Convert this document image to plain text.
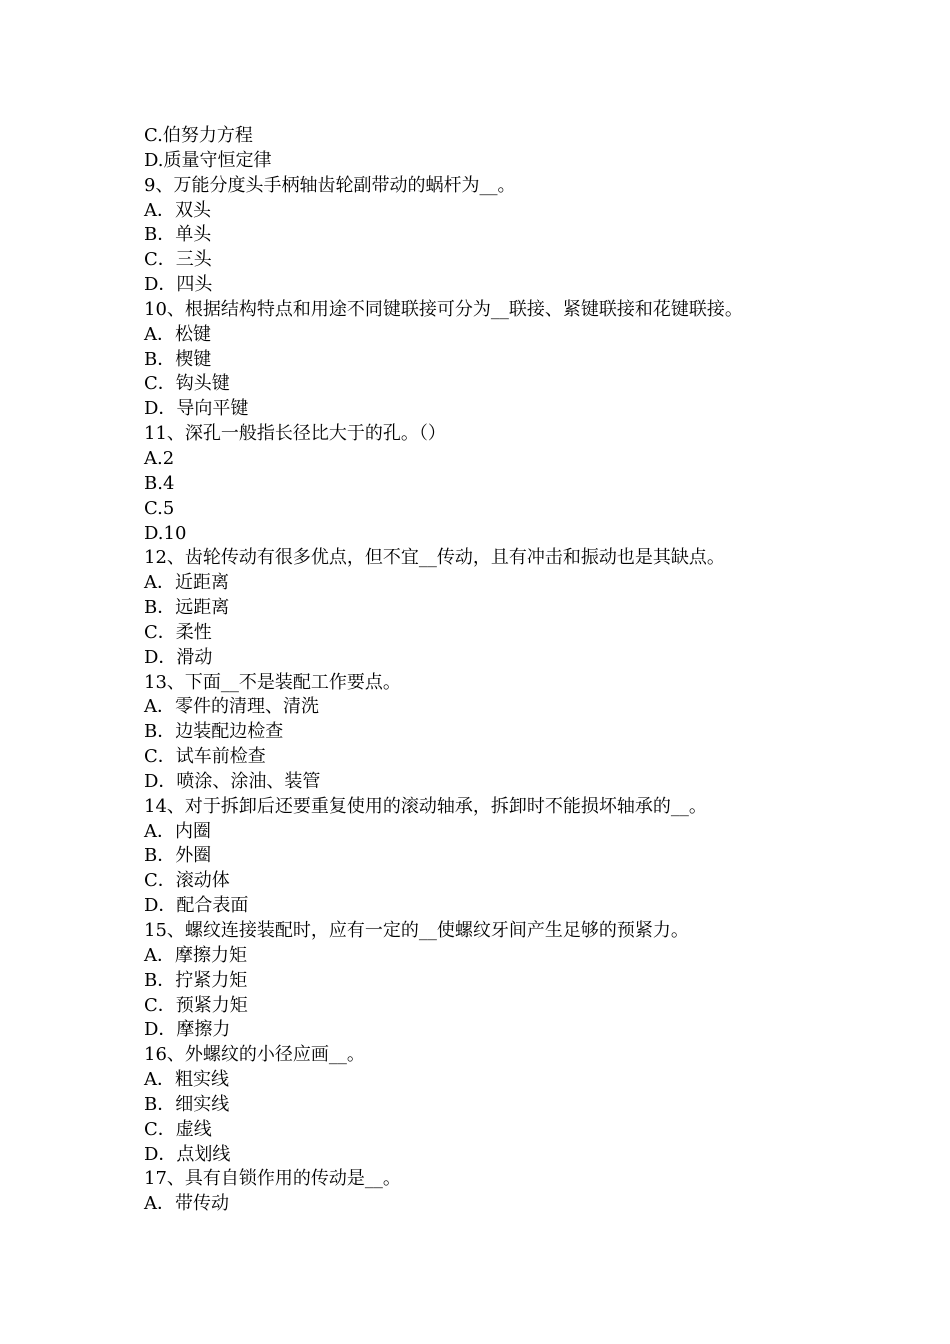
C.伯努力方程
D.质量守恒定律
9、万能分度头手柄轴齿轮副带动的蜗杆为__。
A．双头
B．单头
C．三头
D．四头
10、根据结构特点和用途不同键联接可分为__联接、紧键联接和花键联接。
A．松键
B．楔键
C．钩头键
D．导向平键
11、深孔一般指长径比大于的孔。（）
A.2
B.4
C.5
D.10
12、齿轮传动有很多优点，但不宜__传动，且有冲击和振动也是其缺点。
A．近距离
B．远距离
C．柔性
D．滑动
13、下面__不是装配工作要点。
A．零件的清理、清洗
B．边装配边检查
C．试车前检查
D．喷涂、涂油、装管
14、对于拆卸后还要重复使用的滚动轴承，拆卸时不能损坏轴承的__。
A．内圈
B．外圈
C．滚动体
D．配合表面
15、螺纹连接装配时，应有一定的__使螺纹牙间产生足够的预紧力。
A．摩擦力矩
B．拧紧力矩
C．预紧力矩
D．摩擦力
16、外螺纹的小径应画__。
A．粗实线
B．细实线
C．虚线
D．点划线
17、具有自锁作用的传动是__。
A．带传动
